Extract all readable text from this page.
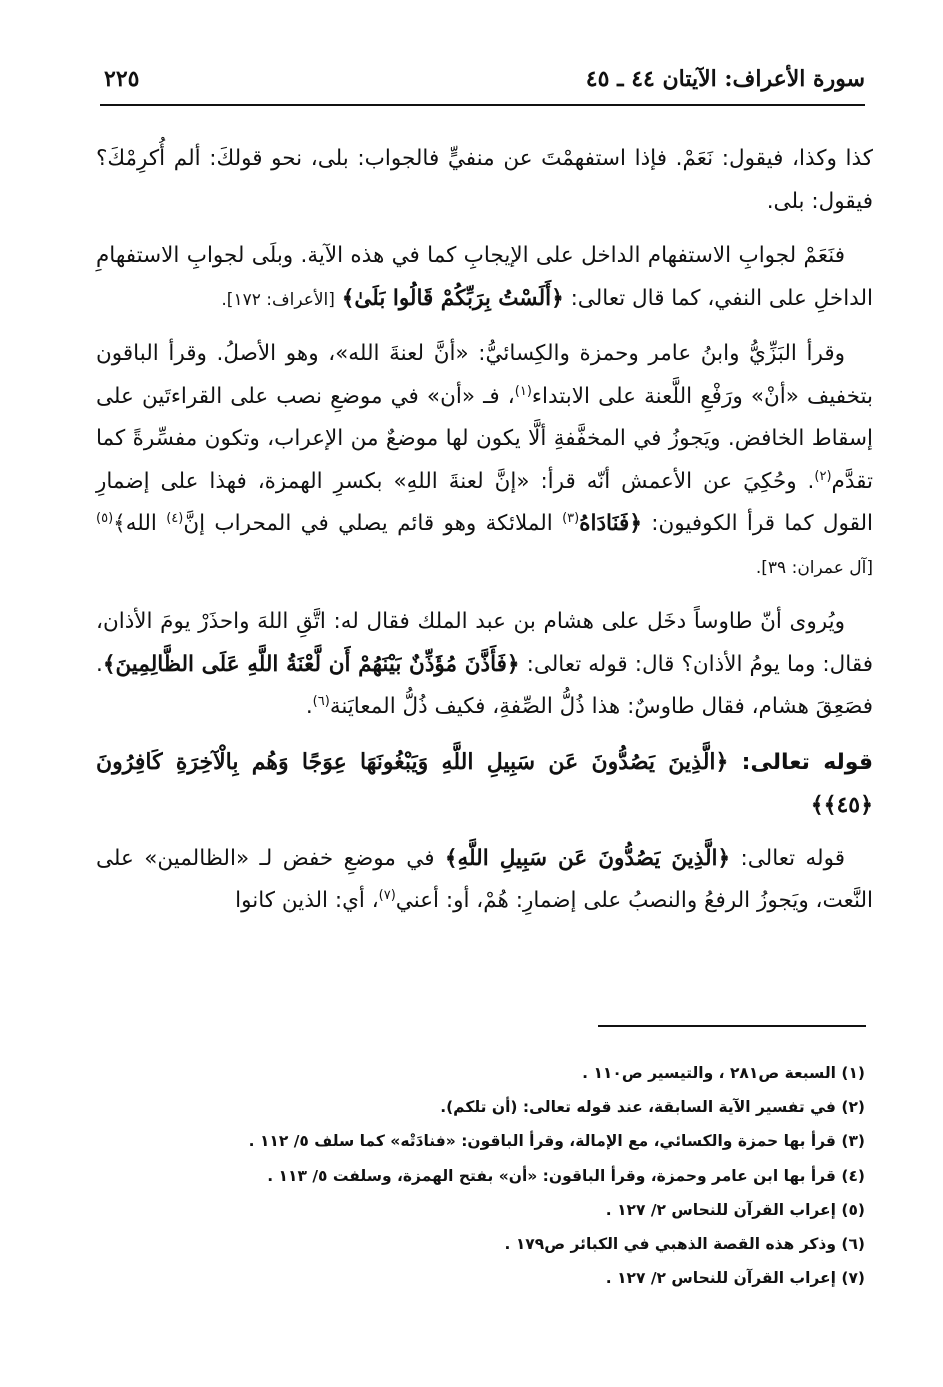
سورة الأعراف: الآيتان ٤٤ ـ ٤٥
٢٢٥

كذا وكذا، فيقول: نَعَمْ. فإذا استفهمْتَ عن منفيٍّ فالجواب: بلى، نحو قولكَ: ألم أُكرِمْكَ؟ فيقول: بلى.

فنَعَمْ لجوابِ الاستفهام الداخل على الإيجابِ كما في هذه الآية. وبلَى لجوابِ الاستفهامِ الداخلِ على النفي، كما قال تعالى: ﴿أَلَسْتُ بِرَبِّكُمْ قَالُوا بَلَىٰ﴾ [الأعراف: ١٧٢].

وقرأ البَزِّيُّ وابنُ عامر وحمزة والكِسائيُّ: «أنَّ لعنةَ الله»، وهو الأصلُ. وقرأ الباقون بتخفيف «أنْ» ورَفْعِ اللَّعنة على الابتداء$^{(١)}$، فـ «أن» في موضعِ نصب على القراءتَين على إسقاط الخافض. ويَجوزُ في المخفَّفةِ ألَّا يكون لها موضعٌ من الإعراب، وتكون مفسِّرةً كما تقدَّم$^{(٢)}$. وحُكِيَ عن الأعمش أنّه قرأ: «إنَّ لعنةَ اللهِ» بكسرِ الهمزة، فهذا على إضمارِ القول كما قرأ الكوفيون: ﴿فَنَادَاهُ$^{(٣)}$ الملائكة وهو قائم يصلي في المحراب إنَّ$^{(٤)}$ الله﴾$^{(٥)}$ [آل عمران: ٣٩].

ويُروى أنّ طاوساً دخَل على هشام بن عبد الملك فقال له: اتَّقِ اللهَ واحذَرْ يومَ الأذان، فقال: وما يومُ الأذان؟ قال: قوله تعالى: ﴿فَأَذَّنَ مُؤَذِّنٌ بَيْنَهُمْ أَن لَّعْنَةُ اللَّهِ عَلَى الظَّالِمِينَ﴾. فصَعِقَ هشام، فقال طاوسٌ: هذا ذُلُّ الصِّفةِ، فكيف ذُلُّ المعايَنة$^{(٦)}$.

قوله تعالى: ﴿الَّذِينَ يَصُدُّونَ عَن سَبِيلِ اللَّهِ وَيَبْغُونَهَا عِوَجًا وَهُم بِالْآخِرَةِ كَافِرُونَ ﴿٤٥﴾﴾

قوله تعالى: ﴿الَّذِينَ يَصُدُّونَ عَن سَبِيلِ اللَّهِ﴾ في موضعِ خفض لـ «الظالمين» على النَّعت، ويَجوزُ الرفعُ والنصبُ على إضمارِ: هُمْ، أو: أعني$^{(٧)}$، أي: الذين كانوا

(١) السبعة ص٢٨١ ، والتيسير ص١١٠ .
(٢) في تفسير الآية السابقة، عند قوله تعالى: (أن تلكم).
(٣) قرأ بها حمزة والكسائي، مع الإمالة، وقرأ الباقون: «فنادَتْه» كما سلف ٥/ ١١٢ .
(٤) قرأ بها ابن عامر وحمزة، وقرأ الباقون: «أن» بفتح الهمزة، وسلفت ٥/ ١١٣ .
(٥) إعراب القرآن للنحاس ٢/ ١٢٧ .
(٦) وذكر هذه القصة الذهبي في الكبائر ص١٧٩ .
(٧) إعراب القرآن للنحاس ٢/ ١٢٧ .
